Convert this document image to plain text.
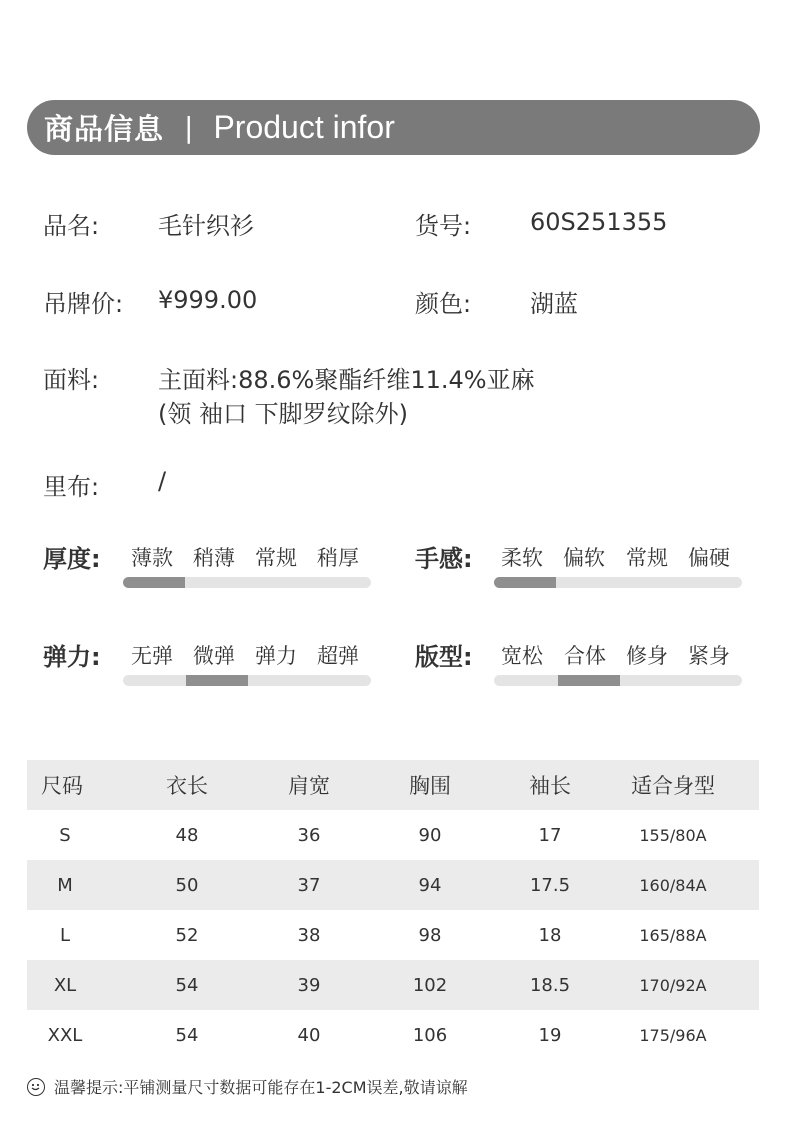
商品信息 | Product infor
品名: 毛针织衫	货号: 60S251355
吊牌价: ¥999.00	颜色: 湖蓝
面料: 主面料:88.6%聚酯纤维11.4%亚麻
(领 袖口 下脚罗纹除外)
里布: /
厚度: 薄款 稍薄 常规 稍厚 手感: 柔软 偏软 常规 偏硬
弹力: 无弹 微弹 弹力 超弹 版型: 宽松 合体 修身 紧身
尺码	衣长	肩宽	胸围	袖长	适合身型
S	48	36	90	17	155/80A
M	50	37	94	17.5	160/84A
L	52	38	98	18	165/88A
XL	54	39	102	18.5	170/92A
XXL	54	40	106	19	175/96A
温馨提示:平铺测量尺寸数据可能存在1-2CM误差,敬请谅解
